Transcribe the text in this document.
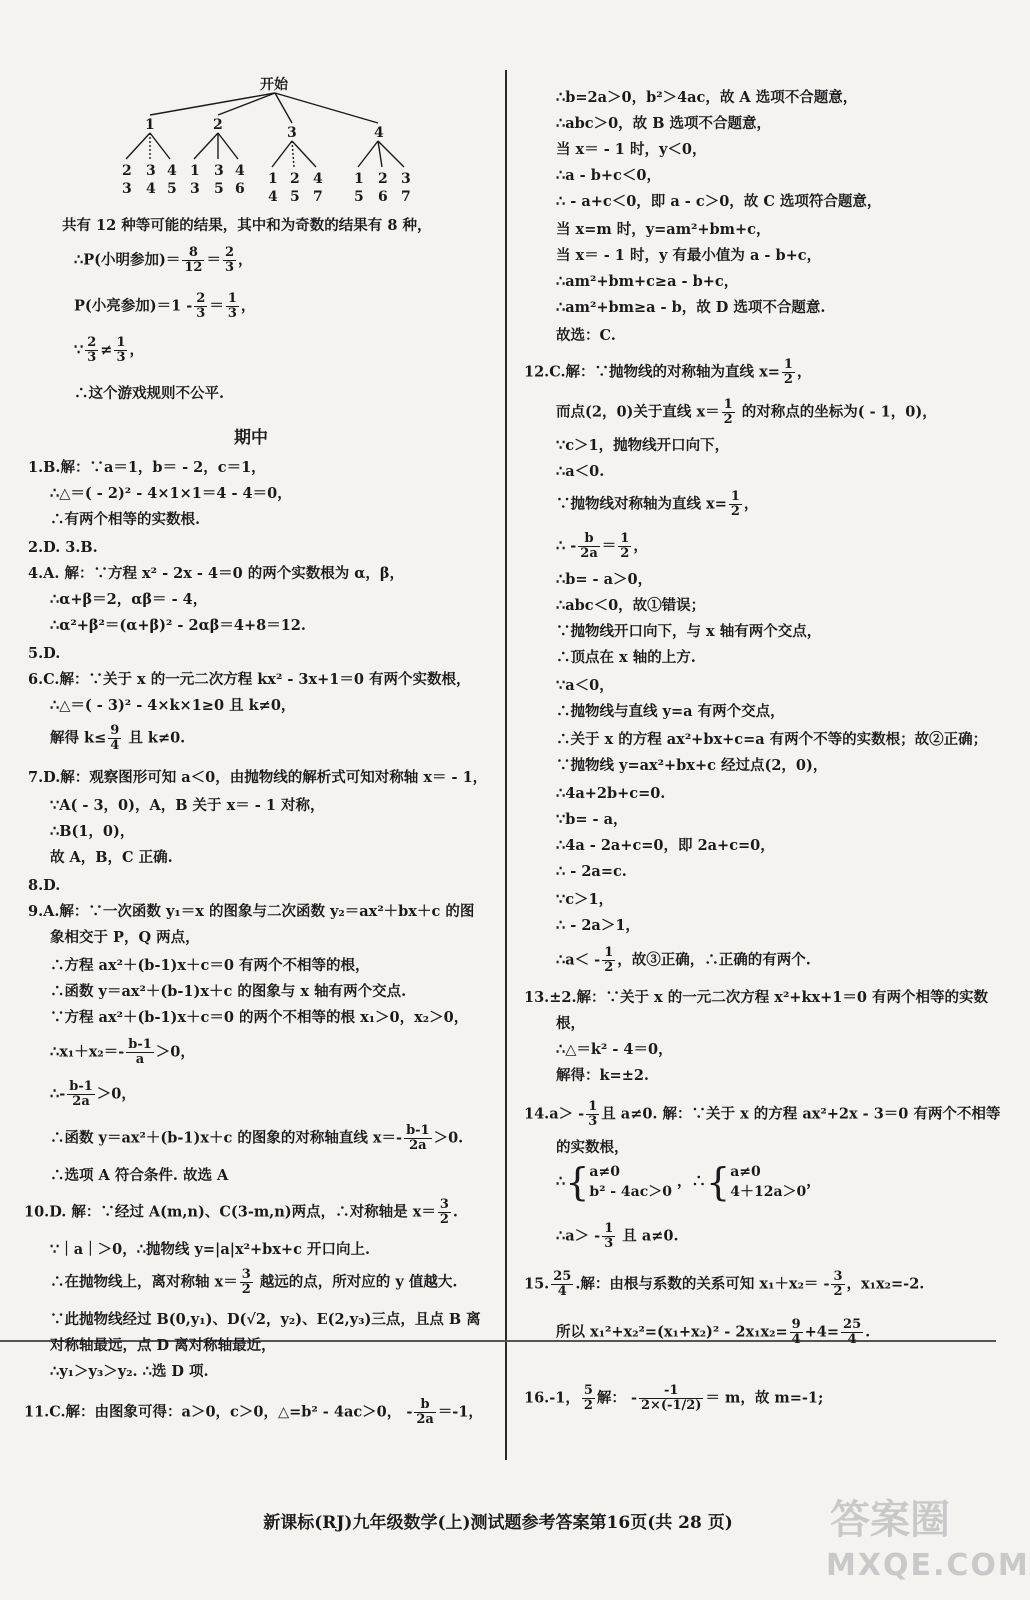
开始
1	2	3	4
2
3
3
4
4
5
1
3
3
5
4
6
1
4
2
5
4
7
1
5
2
6
3
7
共有 12 种等可能的结果，其中和为奇数的结果有 8 种，
∴P(小明参加)＝ $\frac{8}{12} = \frac{2}{3}$ ，
P(小亮参加)$=1 - \frac{2}{3} = \frac{1}{3}$ ，
∵ $\frac{2}{3} \ne \frac{1}{3}$ ，
∴这个游戏规则不公平.
期中
1.B.解：∵a＝1，b＝ - 2，c＝1，
∴△＝( - 2)² - 4×1×1＝4 - 4＝0，
∴有两个相等的实数根.
2.D. 3.B.
4.A. 解：∵方程 x² - 2x - 4＝0 的两个实数根为 α，β，
∴α+β＝2，αβ＝ - 4，
∴α²+β²＝(α+β)² - 2αβ＝4+8＝12.
5.D.
6.C.解：∵关于 x 的一元二次方程 kx² - 3x+1＝0 有两个实数根，
∴△＝( - 3)² - 4×k×1≥0 且 k≠0，
解得 $k\le \frac{9}{4}$ 且 k≠0.
7.D.解：观察图形可知 a＜0，由抛物线的解析式可知对称轴 x＝ - 1，
∵A( - 3，0)，A，B 关于 x＝ - 1 对称，
∴B(1，0)，
故 A，B，C 正确.
8.D.
9.A.解：∵一次函数 y₁＝x 的图象与二次函数 y₂＝ax²＋bx＋c 的图
象相交于 P，Q 两点，
∴方程 ax²＋(b-1)x＋c＝0 有两个不相等的根，
∴函数 y＝ax²＋(b-1)x＋c 的图象与 x 轴有两个交点.
∵方程 ax²＋(b-1)x＋c＝0 的两个不相等的根 x₁＞0，x₂＞0，
∴x₁＋x₂＝- $\frac{b-1}{a} >0$，
∴- $\frac{b-1}{2a} >0$，
∴函数 y＝ax²＋(b-1)x＋c 的图象的对称轴直线 $x=- \frac{b-1}{2a} >0$.
∴选项 A 符合条件. 故选 A
10.D. 解：∵经过 A(m,n)、C(3-m,n)两点，∴对称轴是 $x= \frac{3}{2}$ .
∵｜a｜＞0，∴抛物线 y=|a|x²+bx+c 开口向上.
∴在抛物线上，离对称轴 $x= \frac{3}{2}$ 越远的点，所对应的 y 值越大.
∵此抛物线经过 B(0,y₁)、D(√2，y₂)、E(2,y₃)三点，且点 B 离
对称轴最远，点 D 离对称轴最近，
∴y₁＞y₃＞y₂. ∴选 D 项.
11.C.解：由图象可得：a＞0，c＞0，△=b² - 4ac＞0， - $\frac{b}{2a} =-1$，
∴b=2a＞0，b²＞4ac，故 A 选项不合题意，
∴abc＞0，故 B 选项不合题意，
当 x＝ - 1 时，y＜0，
∴a - b+c＜0，
∴ - a+c＜0，即 a - c＞0，故 C 选项符合题意，
当 x=m 时，y=am²+bm+c，
当 x＝ - 1 时，y 有最小值为 a - b+c，
∴am²+bm+c≥a - b+c，
∴am²+bm≥a - b，故 D 选项不合题意.
故选：C.
12.C.解：∵抛物线的对称轴为直线 $x= \frac{1}{2}$ ，
而点(2，0)关于直线 $x= \frac{1}{2}$ 的对称点的坐标为( - 1，0)，
∵c＞1，抛物线开口向下，
∴a＜0.
∵抛物线对称轴为直线 $x= \frac{1}{2}$ ，
∴ - $\frac{b}{2a} = \frac{1}{2}$ ，
∴b= - a＞0，
∴abc＜0，故①错误；
∵抛物线开口向下，与 x 轴有两个交点，
∴顶点在 x 轴的上方.
∵a＜0，
∴抛物线与直线 y=a 有两个交点，
∴关于 x 的方程 ax²+bx+c=a 有两个不等的实数根；故②正确；
∵抛物线 y=ax²+bx+c 经过点(2，0)，
∴4a+2b+c=0.
∵b= - a，
∴4a - 2a+c=0，即 2a+c=0，
∴ - 2a=c.
∵c＞1，
∴ - 2a＞1，
∴a＜ - $\frac{1}{2}$ ，故③正确，∴正确的有两个.
13.±2.解：∵关于 x 的一元二次方程 x²+kx+1＝0 有两个相等的实数
根，
∴△＝k² - 4＝0，
解得：k=±2.
$14.a> - \frac{1}{3}$ 且 a≠0. 解：∵关于 x 的方程 ax²+2x - 3＝0 有两个不相等
的实数根，
∴{a≠0
b² - 4ac＞0 ，∴{a≠0
4＋12a＞0，
∴a＞ - $\frac{1}{3}$ 且 a≠0.
15. $\frac{25}{4}$ .解：由根与系数的关系可知 $x_1+x_2= - \frac{3}{2}$ ，x₁x₂=-2.
所以 $x_1^2+x_2^2=(x_1+x_2)^2 - 2x_1x_2= \frac{9}{4} +4= \frac{25}{4}$ .
16.-1， $\frac{5}{2}$ 解： - $\frac{-1}{2\times(-1/2)} = m$，故 m=-1;
新课标(RJ)九年级数学(上)测试题参考答案第16页(共 28 页)	答案圈
MXQE.COM
